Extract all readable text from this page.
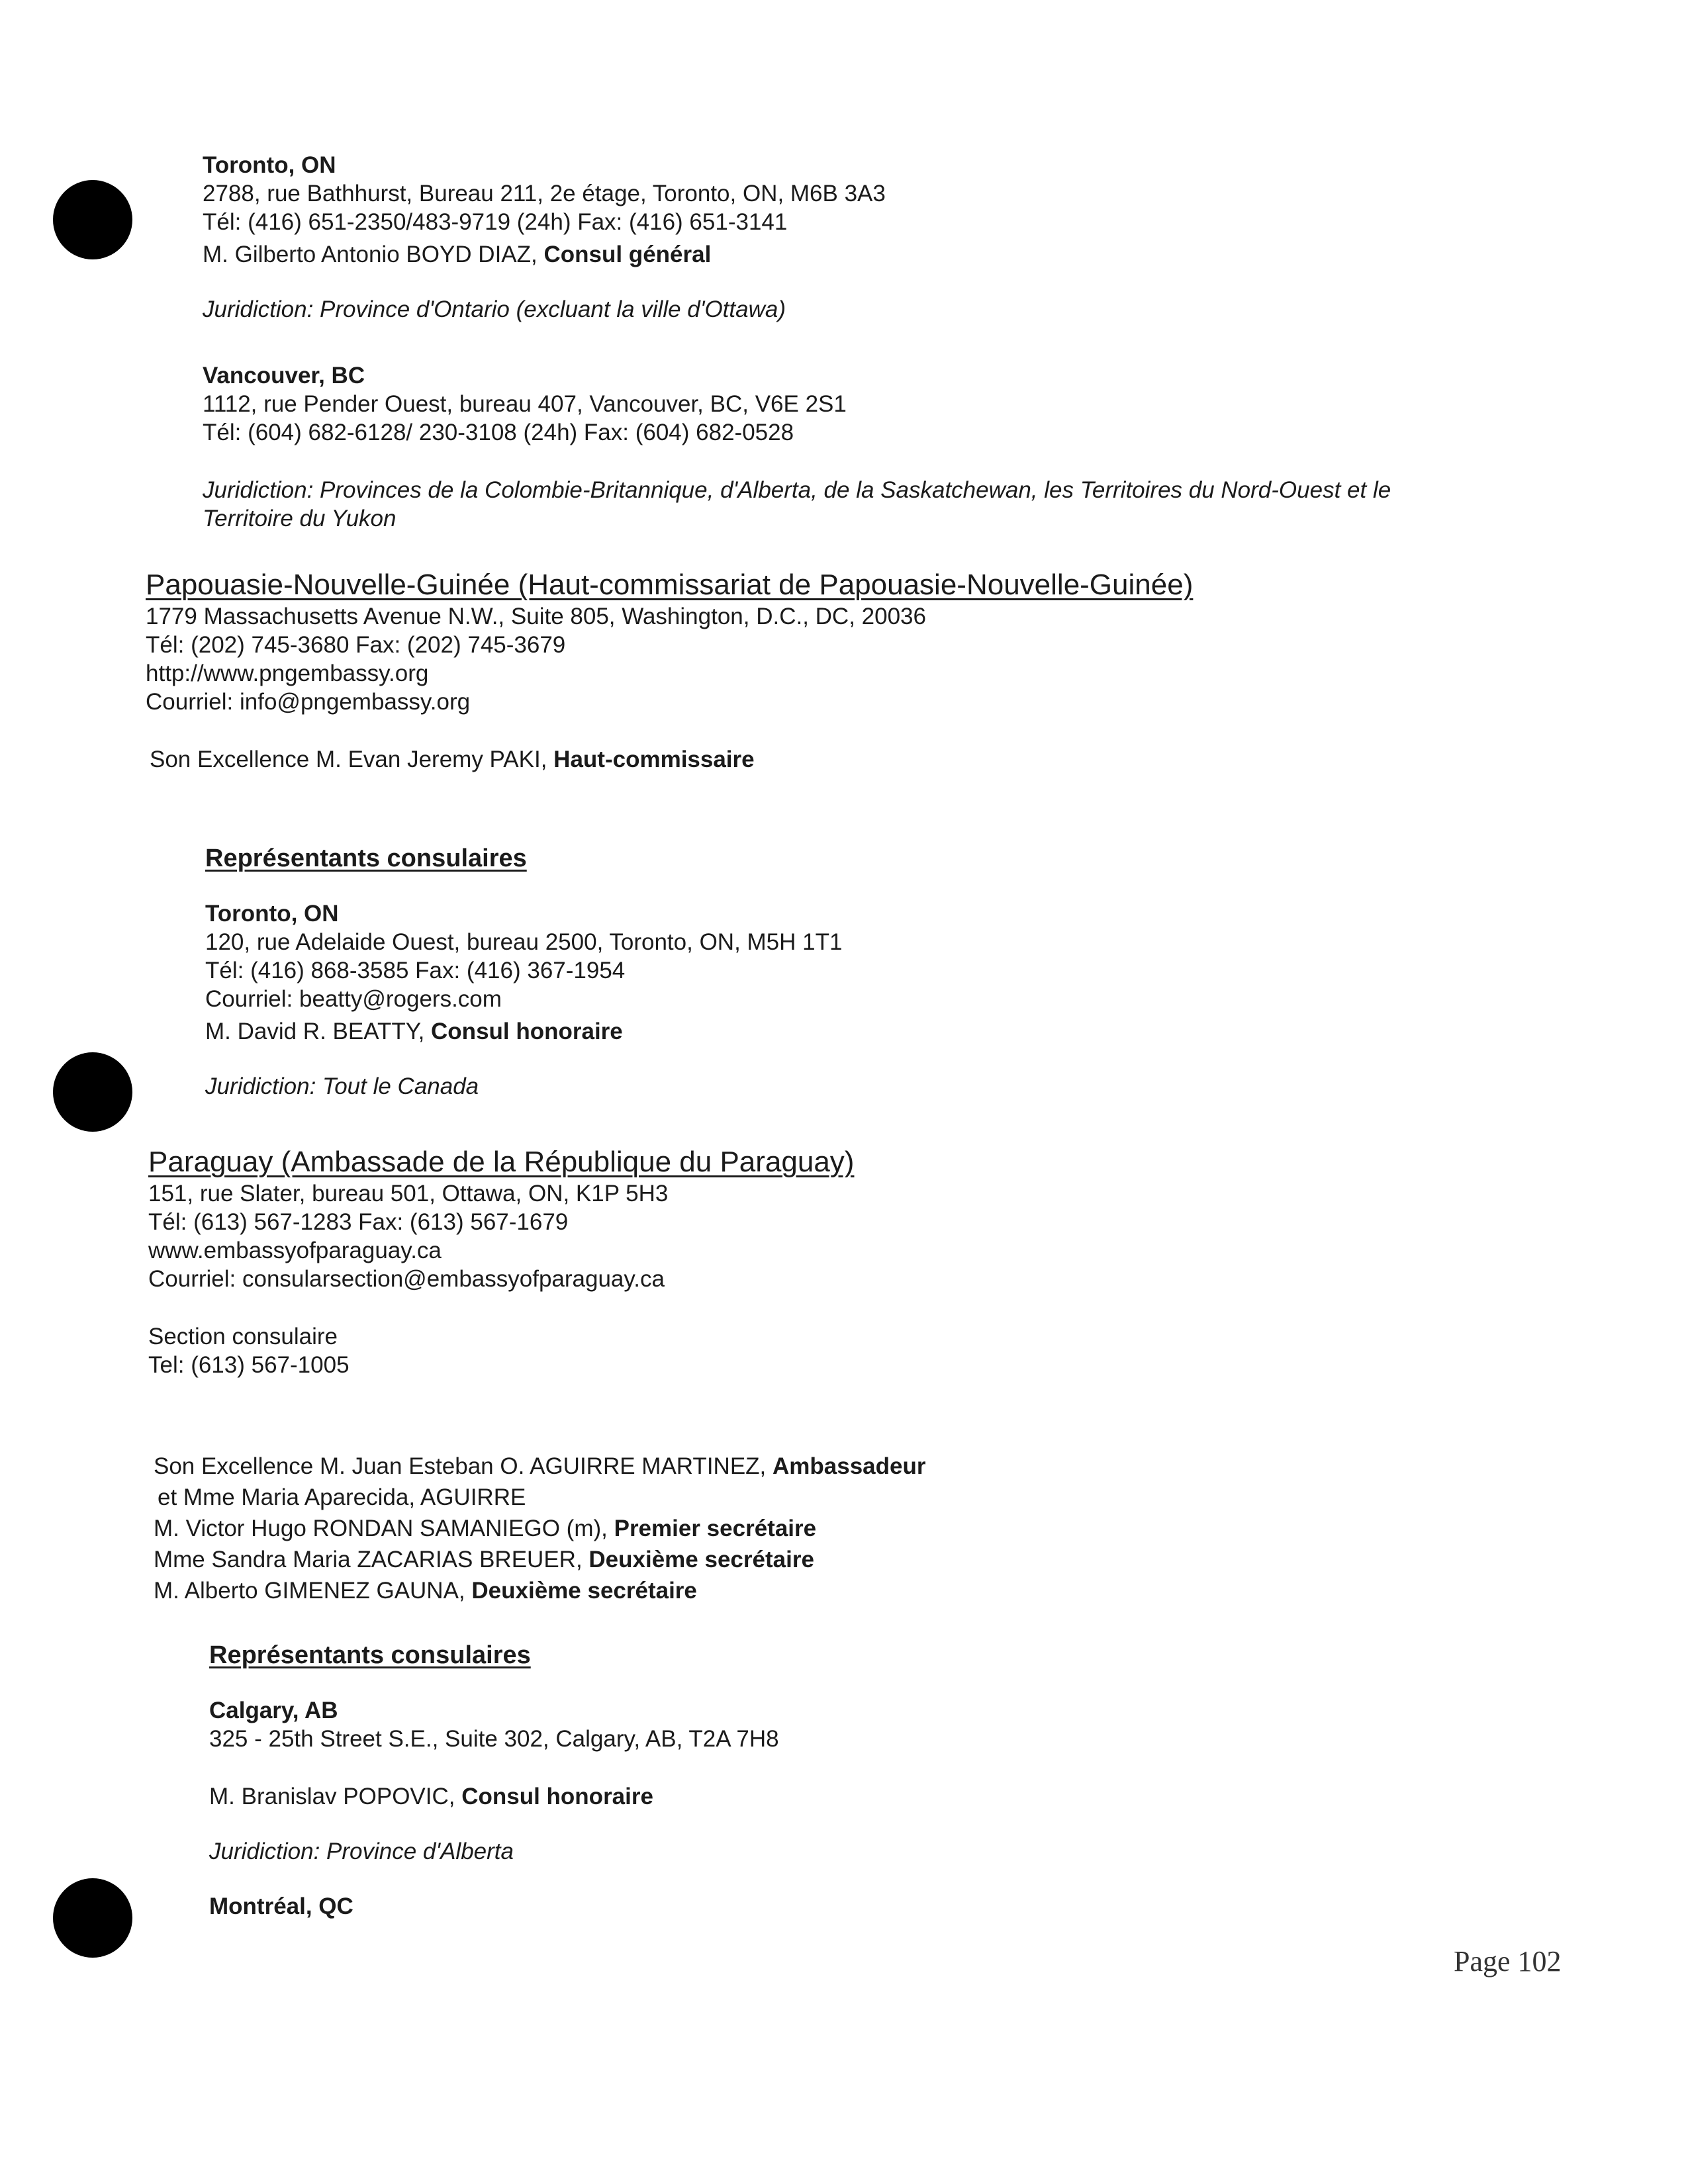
Toronto, ON
2788, rue Bathhurst, Bureau 211, 2e étage, Toronto, ON, M6B 3A3
Tél: (416) 651-2350/483-9719 (24h) Fax: (416) 651-3141
M. Gilberto Antonio BOYD DIAZ, Consul général
Juridiction: Province d'Ontario (excluant la ville d'Ottawa)
Vancouver, BC
1112, rue Pender Ouest, bureau 407, Vancouver, BC, V6E 2S1
Tél: (604) 682-6128/ 230-3108 (24h) Fax: (604) 682-0528
Juridiction: Provinces de la Colombie-Britannique, d'Alberta, de la Saskatchewan, les Territoires du Nord-Ouest et le
Territoire du Yukon
Papouasie-Nouvelle-Guinée (Haut-commissariat de Papouasie-Nouvelle-Guinée)
1779 Massachusetts Avenue N.W., Suite 805, Washington, D.C., DC, 20036
Tél: (202) 745-3680 Fax: (202) 745-3679
http://www.pngembassy.org
Courriel: info@pngembassy.org
Son Excellence M. Evan Jeremy PAKI, Haut-commissaire
Représentants consulaires
Toronto, ON
120, rue Adelaide Ouest, bureau 2500, Toronto, ON, M5H 1T1
Tél: (416) 868-3585 Fax: (416) 367-1954
Courriel: beatty@rogers.com
M. David R. BEATTY, Consul honoraire
Juridiction: Tout le Canada
Paraguay (Ambassade de la République du Paraguay)
151, rue Slater, bureau 501, Ottawa, ON, K1P 5H3
Tél: (613) 567-1283 Fax: (613) 567-1679
www.embassyofparaguay.ca
Courriel: consularsection@embassyofparaguay.ca
Section consulaire
Tel: (613) 567-1005
Son Excellence M. Juan Esteban O. AGUIRRE MARTINEZ, Ambassadeur
et Mme Maria Aparecida, AGUIRRE
M. Victor Hugo RONDAN SAMANIEGO (m), Premier secrétaire
Mme Sandra Maria ZACARIAS BREUER, Deuxième secrétaire
M. Alberto GIMENEZ GAUNA, Deuxième secrétaire
Représentants consulaires
Calgary, AB
325 - 25th Street S.E., Suite 302, Calgary, AB, T2A 7H8
M. Branislav POPOVIC, Consul honoraire
Juridiction: Province d'Alberta
Montréal, QC
Page 102
